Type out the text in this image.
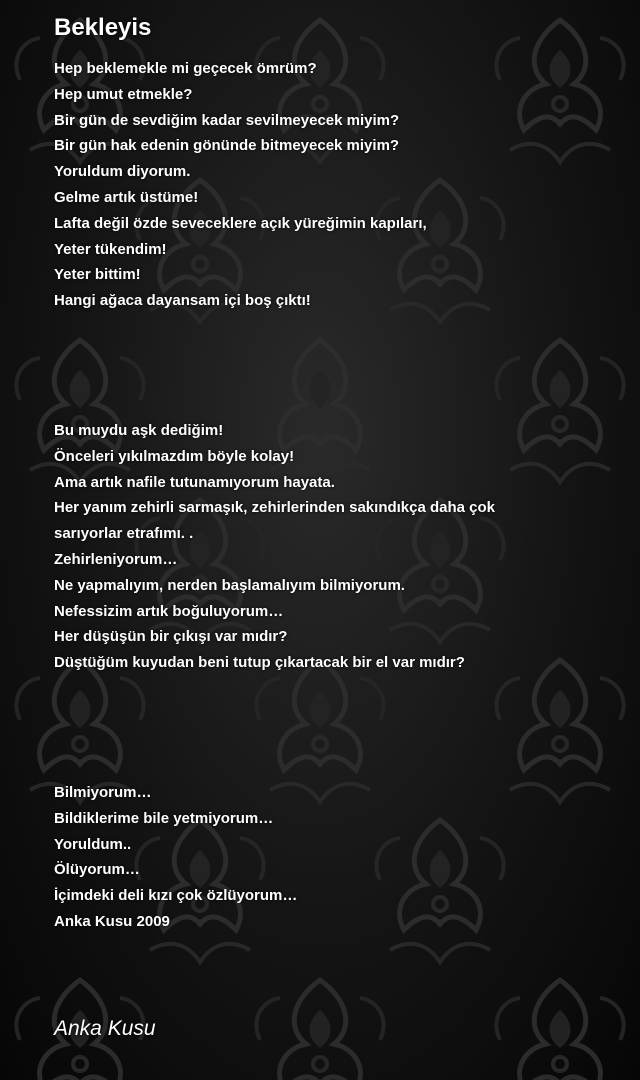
Bekleyis
Hep beklemekle mi geçecek ömrüm?
Hep umut etmekle?
Bir gün de sevdiğim kadar sevilmeyecek miyim?
Bir gün hak edenin gönünde bitmeyecek miyim?
Yoruldum diyorum.
Gelme artık üstüme!
Lafta değil özde seveceklere açık yüreğimin kapıları,
Yeter tükendim!
Yeter bittim!
Hangi ağaca dayansam içi boş çıktı!
Bu muydu aşk dediğim!
Önceleri yıkılmazdım böyle kolay!
Ama artık nafile tutunamıyorum hayata.
Her yanım zehirli sarmaşık, zehirlerinden sakındıkça daha çok
sarıyorlar etrafımı. .
Zehirleniyorum…
Ne yapmalıyım, nerden başlamalıyım bilmiyorum.
Nefessizim artık boğuluyorum…
Her düşüşün bir çıkışı var mıdır?
Düştüğüm kuyudan beni tutup çıkartacak bir el var mıdır?
Bilmiyorum…
Bildiklerime bile yetmiyorum…
Yoruldum..
Ölüyorum…
İçimdeki deli kızı çok özlüyorum…
Anka Kusu 2009
Anka Kusu
